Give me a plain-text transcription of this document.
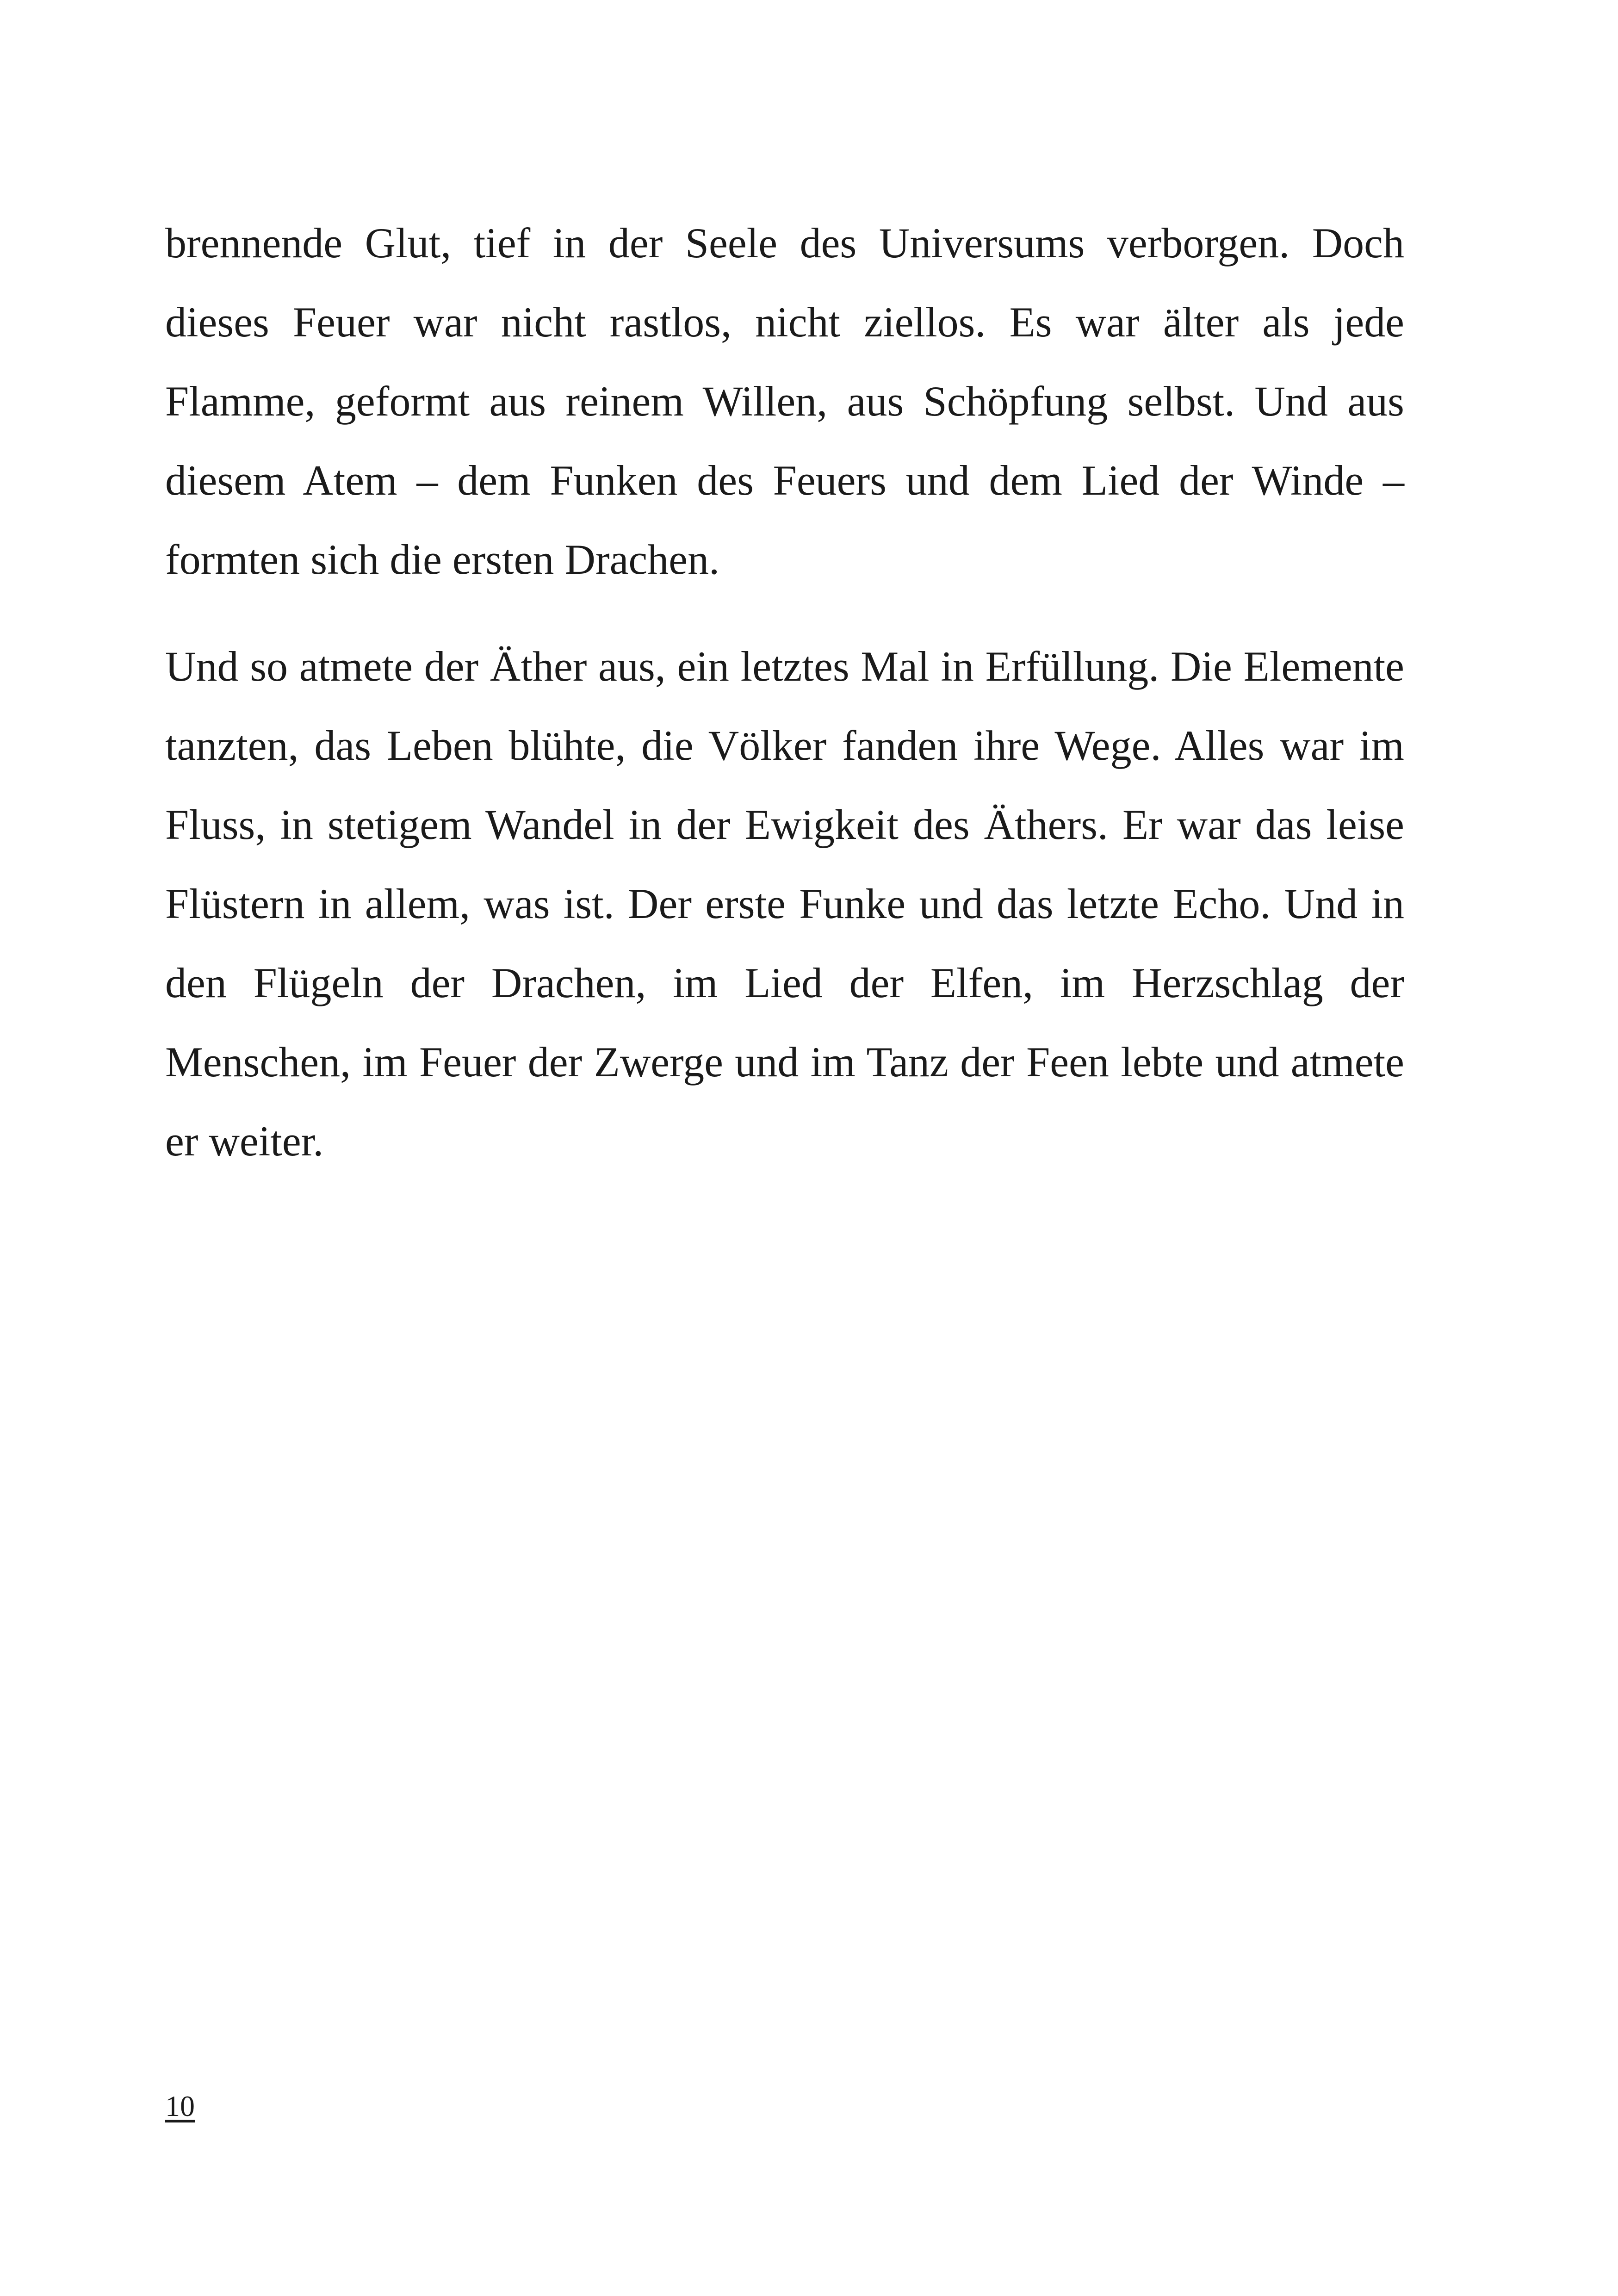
brennende Glut, tief in der Seele des Universums verborgen. Doch dieses Feuer war nicht rastlos, nicht ziellos. Es war älter als jede Flamme, geformt aus reinem Willen, aus Schöpfung selbst. Und aus diesem Atem – dem Funken des Feuers und dem Lied der Winde – formten sich die ersten Drachen.

Und so atmete der Äther aus, ein letztes Mal in Erfüllung. Die Elemente tanzten, das Leben blühte, die Völker fanden ihre Wege. Alles war im Fluss, in stetigem Wandel in der Ewigkeit des Äthers. Er war das leise Flüstern in allem, was ist. Der erste Funke und das letzte Echo. Und in den Flügeln der Drachen, im Lied der Elfen, im Herzschlag der Menschen, im Feuer der Zwerge und im Tanz der Feen lebte und atmete er weiter.

10
